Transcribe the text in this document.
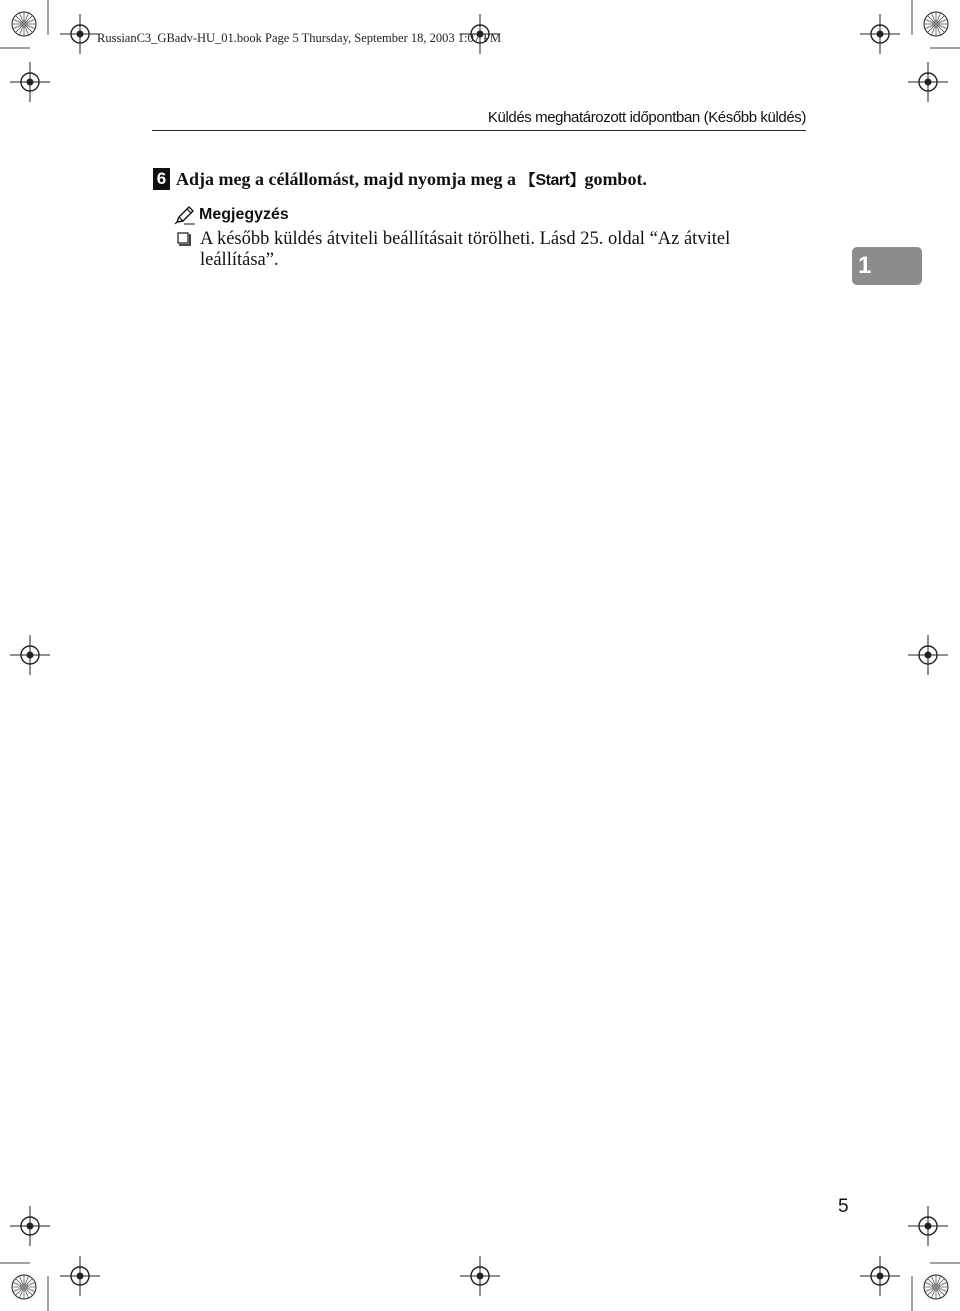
RussianC3_GBadv-HU_01.book Page 5 Thursday, September 18, 2003 1:07 PM
Küldés meghatározott időpontban (Később küldés)
6 Adja meg a célállomást, majd nyomja meg a 【Start】gombot.
Megjegyzés
A később küldés átviteli beállításait törölheti. Lásd 25. oldal “Az átvitel leállítása”.	1
5
